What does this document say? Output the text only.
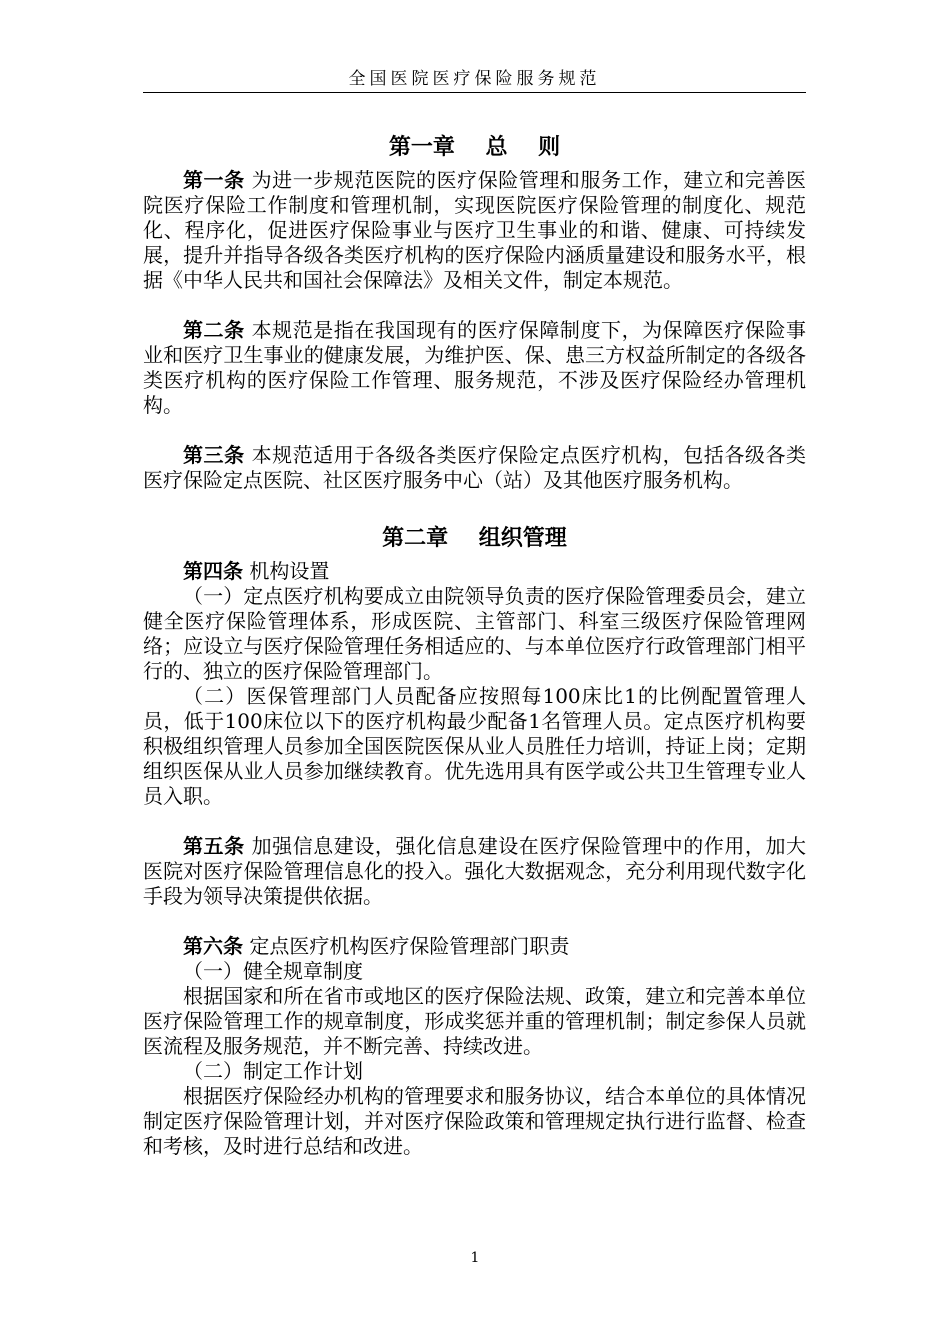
全国医院医疗保险服务规范
第一章    总    则

第一条 为进一步规范医院的医疗保险管理和服务工作，建立和完善医院医疗保险工作制度和管理机制，实现医院医疗保险管理的制度化、规范化、程序化，促进医疗保险事业与医疗卫生事业的和谐、健康、可持续发展，提升并指导各级各类医疗机构的医疗保险内涵质量建设和服务水平，根据《中华人民共和国社会保障法》及相关文件，制定本规范。

第二条 本规范是指在我国现有的医疗保障制度下，为保障医疗保险事业和医疗卫生事业的健康发展，为维护医、保、患三方权益所制定的各级各类医疗机构的医疗保险工作管理、服务规范，不涉及医疗保险经办管理机构。

第三条 本规范适用于各级各类医疗保险定点医疗机构，包括各级各类医疗保险定点医院、社区医疗服务中心（站）及其他医疗服务机构。

第二章    组织管理

第四条 机构设置

（一）定点医疗机构要成立由院领导负责的医疗保险管理委员会，建立健全医疗保险管理体系，形成医院、主管部门、科室三级医疗保险管理网络；应设立与医疗保险管理任务相适应的、与本单位医疗行政管理部门相平行的、独立的医疗保险管理部门。

（二）医保管理部门人员配备应按照每100床比1的比例配置管理人员，低于100床位以下的医疗机构最少配备1名管理人员。定点医疗机构要积极组织管理人员参加全国医院医保从业人员胜任力培训，持证上岗；定期组织医保从业人员参加继续教育。优先选用具有医学或公共卫生管理专业人员入职。

第五条 加强信息建设，强化信息建设在医疗保险管理中的作用，加大医院对医疗保险管理信息化的投入。强化大数据观念，充分利用现代数字化手段为领导决策提供依据。

第六条 定点医疗机构医疗保险管理部门职责

（一）健全规章制度

根据国家和所在省市或地区的医疗保险法规、政策，建立和完善本单位医疗保险管理工作的规章制度，形成奖惩并重的管理机制；制定参保人员就医流程及服务规范，并不断完善、持续改进。

（二）制定工作计划

根据医疗保险经办机构的管理要求和服务协议，结合本单位的具体情况制定医疗保险管理计划，并对医疗保险政策和管理规定执行进行监督、检查和考核，及时进行总结和改进。

1
